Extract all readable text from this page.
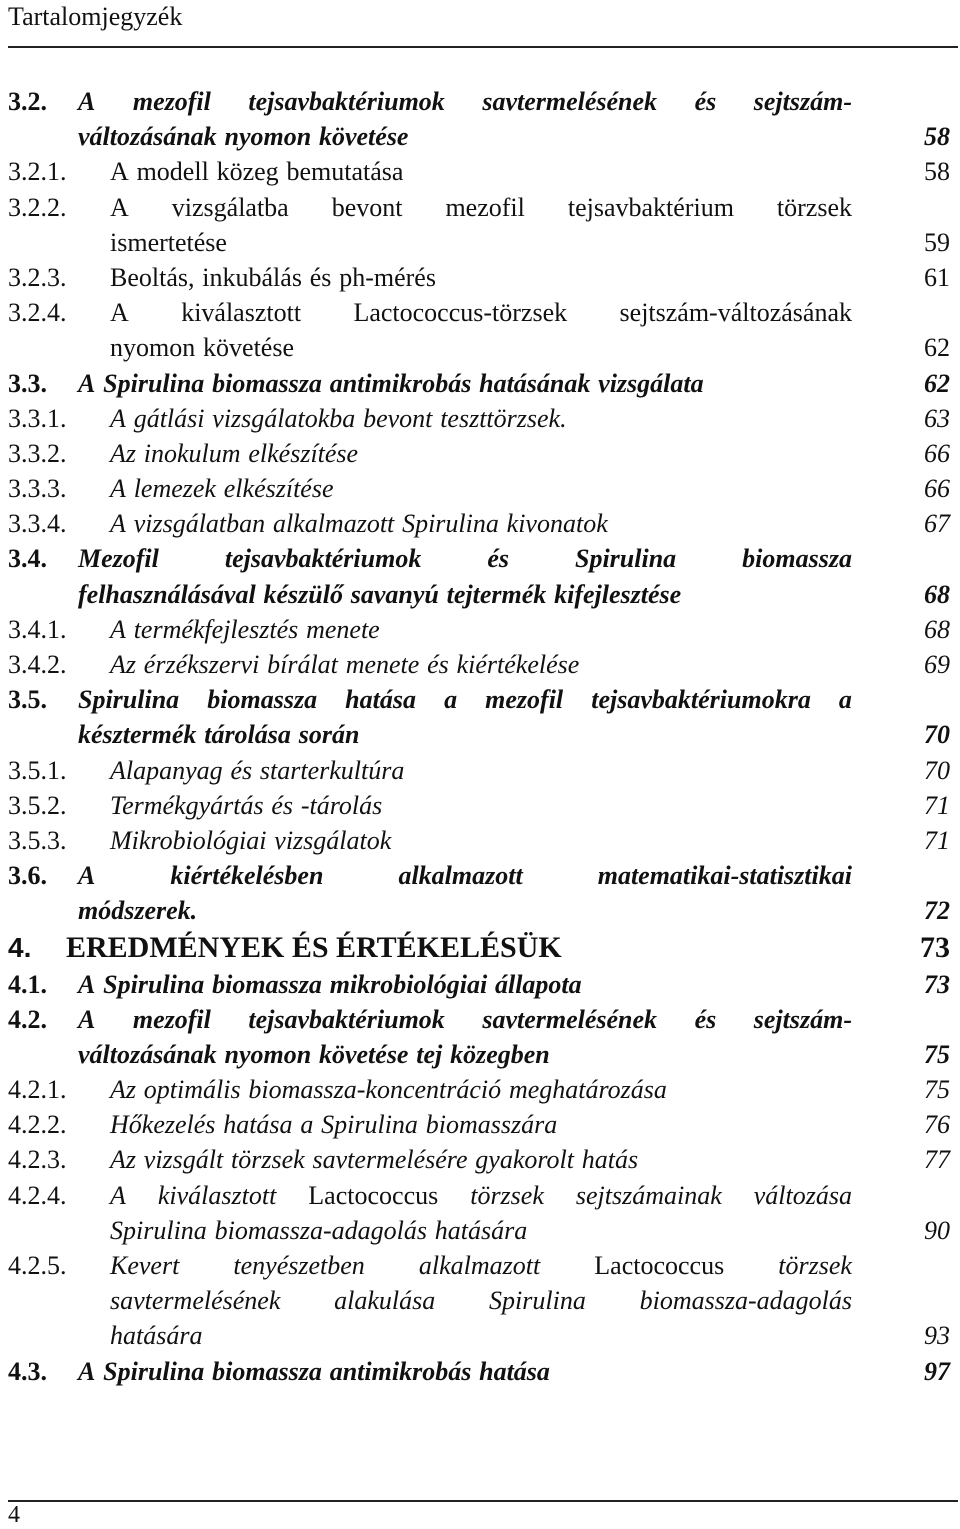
Tartalomjegyzék
3.2. A mezofil tejsavbaktériumok savtermelésének és sejtszám-
változásának nyomon követése	58
3.2.1. A modell közeg bemutatása	58
3.2.2. A vizsgálatba bevont mezofil tejsavbaktérium törzsek
ismertetése	59
3.2.3. Beoltás, inkubálás és ph-mérés	61
3.2.4. A kiválasztott Lactococcus-törzsek sejtszám-változásának
nyomon követése	62
3.3. A Spirulina biomassza antimikrobás hatásának vizsgálata	62
3.3.1. A gátlási vizsgálatokba bevont teszttörzsek.	63
3.3.2. Az inokulum elkészítése	66
3.3.3. A lemezek elkészítése	66
3.3.4. A vizsgálatban alkalmazott Spirulina kivonatok	67
3.4. Mezofil	tejsavbaktériumok	és	Spirulina	biomassza
felhasználásával készülő savanyú tejtermék kifejlesztése	68
3.4.1. A termékfejlesztés menete	68
3.4.2. Az érzékszervi bírálat menete és kiértékelése	69
3.5. Spirulina biomassza hatása a mezofil tejsavbaktériumokra a
késztermék tárolása során	70
3.5.1. Alapanyag és starterkultúra	70
3.5.2. Termékgyártás és -tárolás	71
3.5.3. Mikrobiológiai vizsgálatok	71
3.6. A	kiértékelésben	alkalmazott	matematikai-statisztikai
módszerek.	72
4. EREDMÉNYEK ÉS ÉRTÉKELÉSÜK	73
4.1. A Spirulina biomassza mikrobiológiai állapota	73
4.2. A mezofil tejsavbaktériumok savtermelésének és sejtszám-
változásának nyomon követése tej közegben	75
4.2.1. Az optimális biomassza-koncentráció meghatározása	75
4.2.2. Hőkezelés hatása a Spirulina biomasszára	76
4.2.3. Az vizsgált törzsek savtermelésére gyakorolt hatás	77
4.2.4. A kiválasztott Lactococcus törzsek sejtszámainak változása
Spirulina biomassza-adagolás hatására	90
4.2.5. Kevert tenyészetben alkalmazott Lactococcus törzsek
savtermelésének alakulása Spirulina biomassza-adagolás
hatására	93
4.3. A Spirulina biomassza antimikrobás hatása	97
4
